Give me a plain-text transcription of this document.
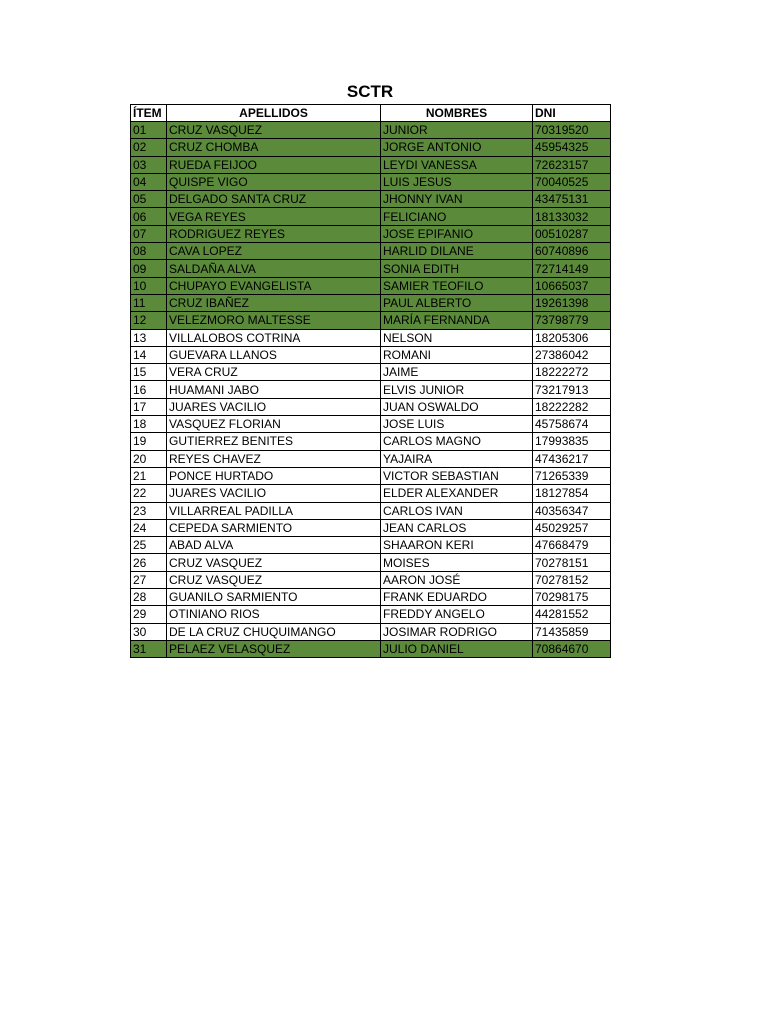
SCTR
ÍTEM	APELLIDOS	NOMBRES	DNI
01	CRUZ VASQUEZ	JUNIOR	70319520
02	CRUZ CHOMBA	JORGE ANTONIO	45954325
03	RUEDA FEIJOO	LEYDI VANESSA	72623157
04	QUISPE VIGO	LUIS JESUS	70040525
05	DELGADO SANTA CRUZ	JHONNY IVAN	43475131
06	VEGA REYES	FELICIANO	18133032
07	RODRIGUEZ REYES	JOSE EPIFANIO	00510287
08	CAVA LOPEZ	HARLID DILANE	60740896
09	SALDAÑA ALVA	SONIA EDITH	72714149
10	CHUPAYO EVANGELISTA	SAMIER TEOFILO	10665037
11	CRUZ IBAÑEZ	PAUL ALBERTO	19261398
12	VELEZMORO MALTESSE	MARÍA FERNANDA	73798779
13	VILLALOBOS COTRINA	NELSON	18205306
14	GUEVARA LLANOS	ROMANI	27386042
15	VERA CRUZ	JAIME	18222272
16	HUAMANI JABO	ELVIS JUNIOR	73217913
17	JUARES VACILIO	JUAN OSWALDO	18222282
18	VASQUEZ FLORIAN	JOSE LUIS	45758674
19	GUTIERREZ BENITES	CARLOS MAGNO	17993835
20	REYES CHAVEZ	YAJAIRA	47436217
21	PONCE HURTADO	VICTOR SEBASTIAN	71265339
22	JUARES VACILIO	ELDER ALEXANDER	18127854
23	VILLARREAL PADILLA	CARLOS IVAN	40356347
24	CEPEDA SARMIENTO	JEAN CARLOS	45029257
25	ABAD ALVA	SHAARON KERI	47668479
26	CRUZ VASQUEZ	MOISES	70278151
27	CRUZ VASQUEZ	AARON JOSÉ	70278152
28	GUANILO SARMIENTO	FRANK EDUARDO	70298175
29	OTINIANO RIOS	FREDDY ANGELO	44281552
30	DE LA CRUZ CHUQUIMANGO	JOSIMAR RODRIGO	71435859
31	PELAEZ VELASQUEZ	JULIO DANIEL	70864670
